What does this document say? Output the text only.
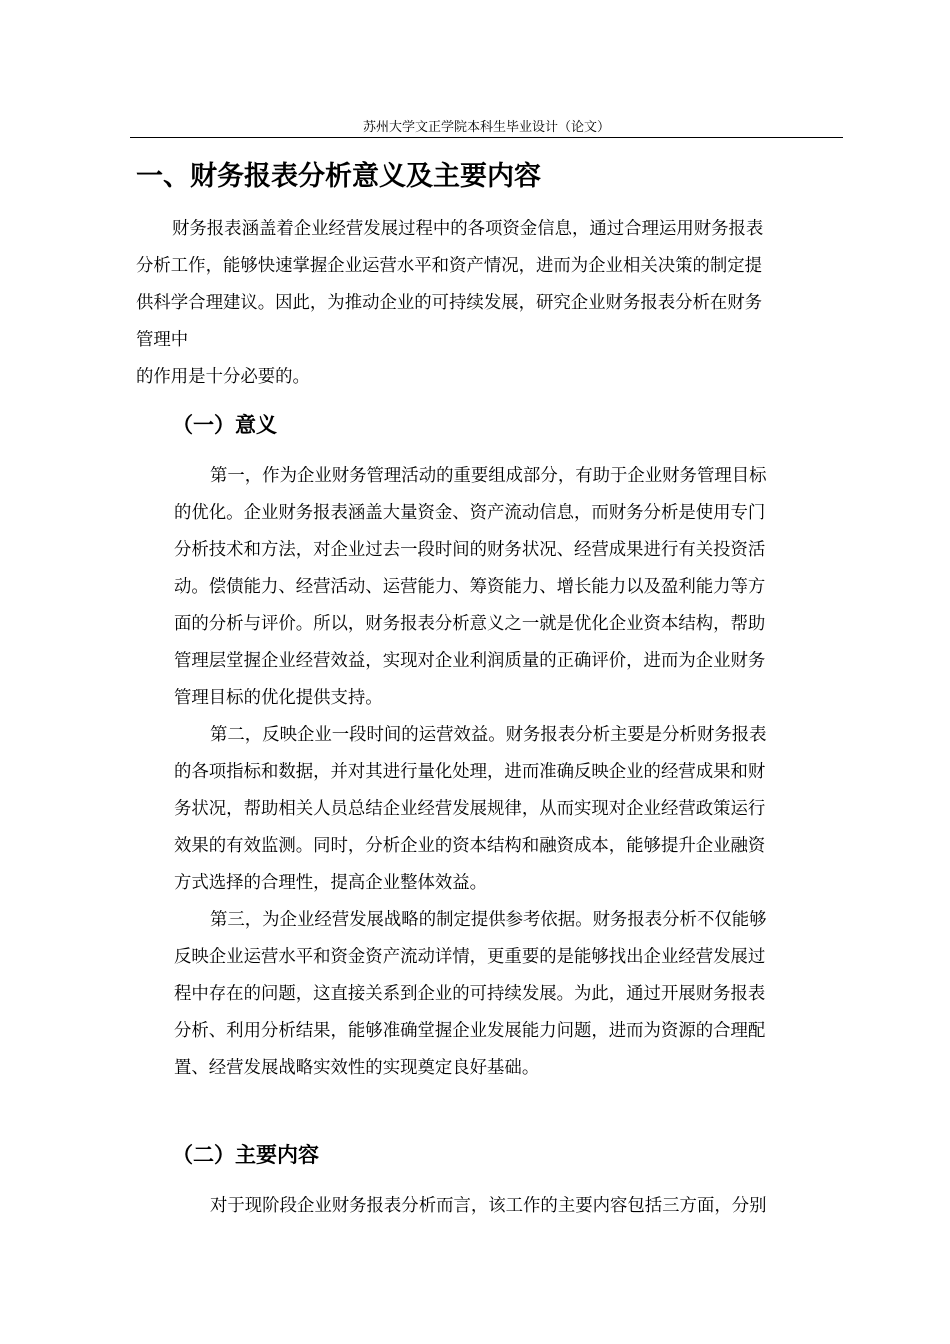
苏州大学文正学院本科生毕业设计（论文）
一、财务报表分析意义及主要内容

财务报表涵盖着企业经营发展过程中的各项资金信息，通过合理运用财务报表
分析工作，能够快速掌握企业运营水平和资产情况，进而为企业相关决策的制定提
供科学合理建议。因此，为推动企业的可持续发展，研究企业财务报表分析在财务
管理中
的作用是十分必要的。

（一）意义

第一，作为企业财务管理活动的重要组成部分，有助于企业财务管理目标
的优化。企业财务报表涵盖大量资金、资产流动信息，而财务分析是使用专门
分析技术和方法，对企业过去一段时间的财务状况、经营成果进行有关投资活
动。偿债能力、经营活动、运营能力、筹资能力、增长能力以及盈利能力等方
面的分析与评价。所以，财务报表分析意义之一就是优化企业资本结构，帮助
管理层堂握企业经营效益，实现对企业利润质量的正确评价，进而为企业财务
管理目标的优化提供支持。

第二，反映企业一段时间的运营效益。财务报表分析主要是分析财务报表
的各项指标和数据，并对其进行量化处理，进而准确反映企业的经营成果和财
务状况，帮助相关人员总结企业经营发展规律，从而实现对企业经营政策运行
效果的有效监测。同时，分析企业的资本结构和融资成本，能够提升企业融资
方式选择的合理性，提高企业整体效益。

第三，为企业经营发展战略的制定提供参考依据。财务报表分析不仅能够
反映企业运营水平和资金资产流动详情，更重要的是能够找出企业经营发展过
程中存在的问题，这直接关系到企业的可持续发展。为此，通过开展财务报表
分析、利用分析结果，能够准确堂握企业发展能力问题，进而为资源的合理配
置、经营发展战略实效性的实现奠定良好基础。

（二）主要内容

对于现阶段企业财务报表分析而言，该工作的主要内容包括三方面，分别
